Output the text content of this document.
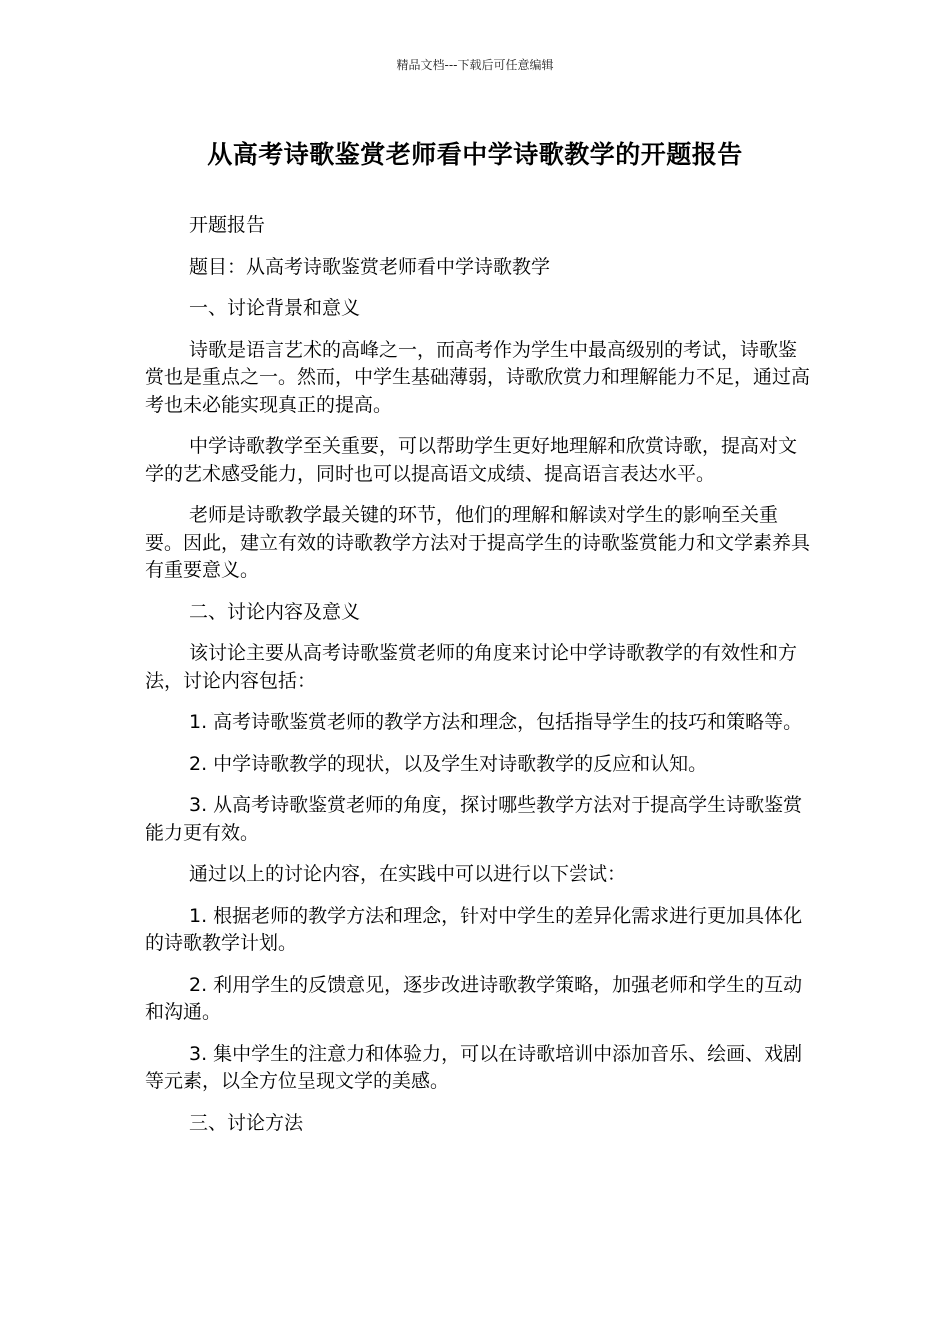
精品文档---下载后可任意编辑
从高考诗歌鉴赏老师看中学诗歌教学的开题报告

开题报告

题目：从高考诗歌鉴赏老师看中学诗歌教学

一、讨论背景和意义

诗歌是语言艺术的高峰之一，而高考作为学生中最高级别的考试，诗歌鉴赏也是重点之一。然而，中学生基础薄弱，诗歌欣赏力和理解能力不足，通过高考也未必能实现真正的提高。

中学诗歌教学至关重要，可以帮助学生更好地理解和欣赏诗歌，提高对文学的艺术感受能力，同时也可以提高语文成绩、提高语言表达水平。

老师是诗歌教学最关键的环节，他们的理解和解读对学生的影响至关重要。因此，建立有效的诗歌教学方法对于提高学生的诗歌鉴赏能力和文学素养具有重要意义。

二、讨论内容及意义

该讨论主要从高考诗歌鉴赏老师的角度来讨论中学诗歌教学的有效性和方法，讨论内容包括：

1. 高考诗歌鉴赏老师的教学方法和理念，包括指导学生的技巧和策略等。

2. 中学诗歌教学的现状，以及学生对诗歌教学的反应和认知。

3. 从高考诗歌鉴赏老师的角度，探讨哪些教学方法对于提高学生诗歌鉴赏能力更有效。

通过以上的讨论内容，在实践中可以进行以下尝试：

1. 根据老师的教学方法和理念，针对中学生的差异化需求进行更加具体化的诗歌教学计划。

2. 利用学生的反馈意见，逐步改进诗歌教学策略，加强老师和学生的互动和沟通。

3. 集中学生的注意力和体验力，可以在诗歌培训中添加音乐、绘画、戏剧等元素，以全方位呈现文学的美感。

三、讨论方法
